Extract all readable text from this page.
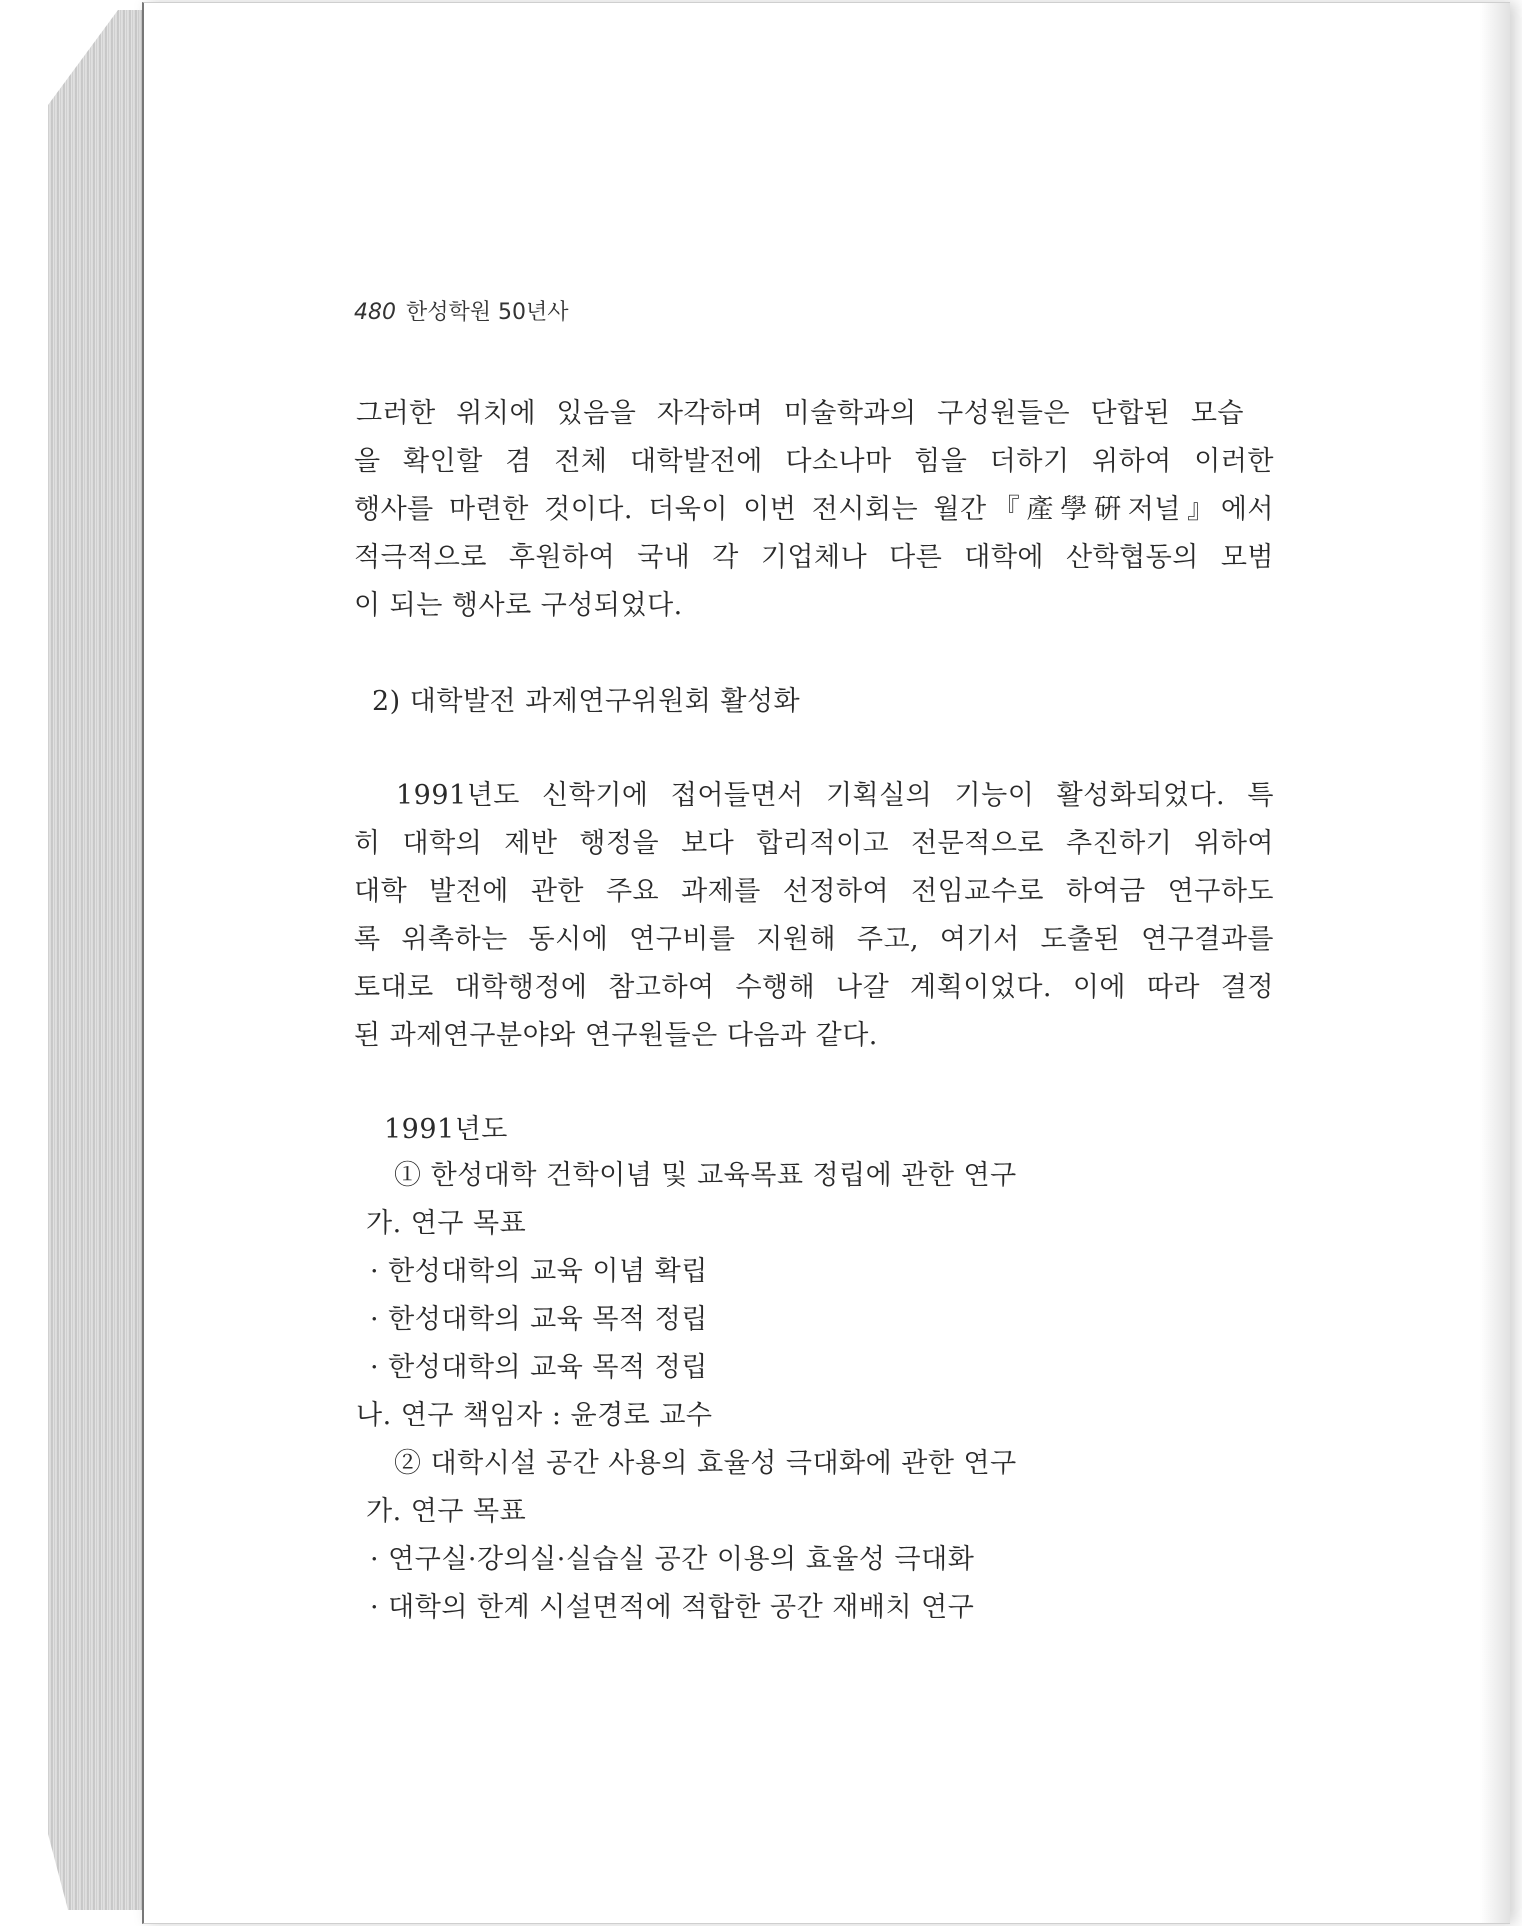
480 한성학원 50년사
그러한 위치에 있음을 자각하며 미술학과의 구성원들은 단합된 모습
을 확인할 겸 전체 대학발전에 다소나마 힘을 더하기 위하여 이러한
행사를 마련한 것이다. 더욱이 이번 전시회는 월간『產學硏저널』에서
적극적으로 후원하여 국내 각 기업체나 다른 대학에 산학협동의 모범
이 되는 행사로 구성되었다.
2) 대학발전 과제연구위원회 활성화
1991년도 신학기에 접어들면서 기획실의 기능이 활성화되었다. 특
히 대학의 제반 행정을 보다 합리적이고 전문적으로 추진하기 위하여
대학 발전에 관한 주요 과제를 선정하여 전임교수로 하여금 연구하도
록 위촉하는 동시에 연구비를 지원해 주고, 여기서 도출된 연구결과를
토대로 대학행정에 참고하여 수행해 나갈 계획이었다. 이에 따라 결정
된 과제연구분야와 연구원들은 다음과 같다.
1991년도
① 한성대학 건학이념 및 교육목표 정립에 관한 연구
가. 연구 목표
· 한성대학의 교육 이념 확립
· 한성대학의 교육 목적 정립
· 한성대학의 교육 목적 정립
나. 연구 책임자 : 윤경로 교수
② 대학시설 공간 사용의 효율성 극대화에 관한 연구
가. 연구 목표
· 연구실·강의실·실습실 공간 이용의 효율성 극대화
· 대학의 한계 시설면적에 적합한 공간 재배치 연구
